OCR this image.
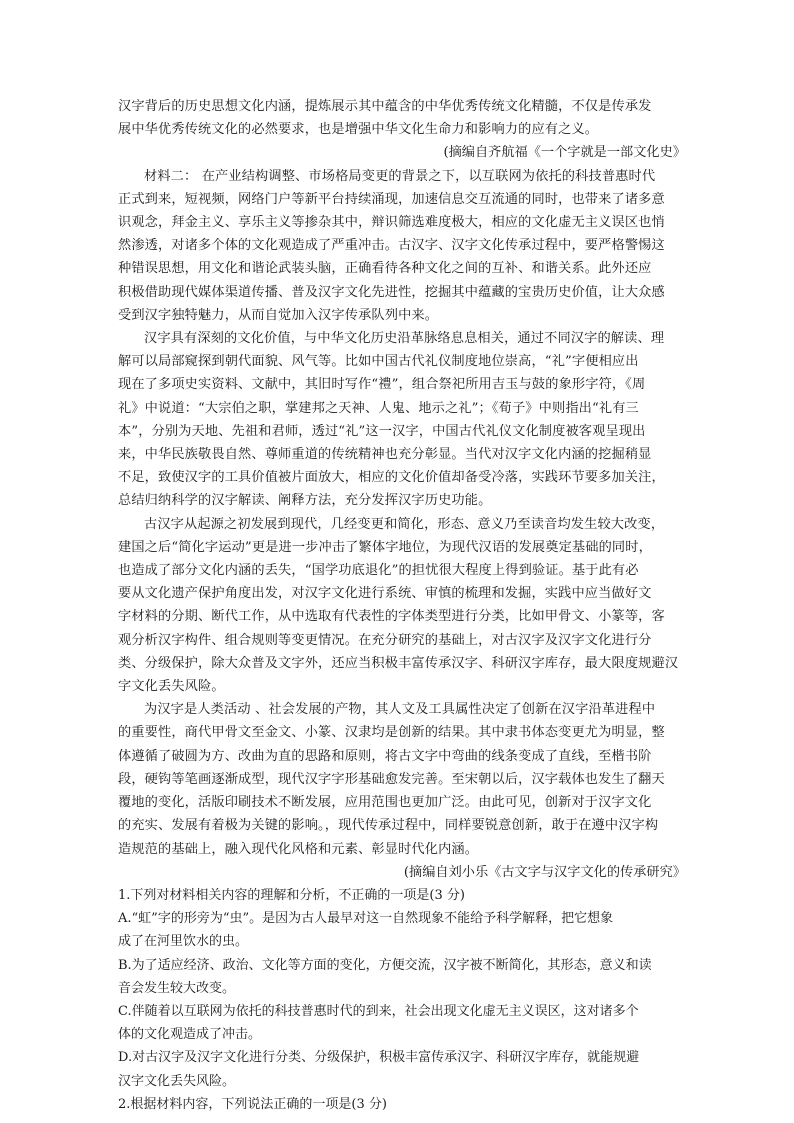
汉字背后的历史思想文化内涵，提炼展示其中蕴含的中华优秀传统文化精髓，不仅是传承发
展中华优秀传统文化的必然要求，也是增强中华文化生命力和影响力的应有之义。

(摘编自齐航福《一个字就是一部文化史》

材料二： 在产业结构调整、市场格局变更的背景之下，以互联网为依托的科技普惠时代
正式到来，短视频，网络门户等新平台持续涌现，加速信息交互流通的同时，也带来了诸多意
识观念，拜金主义、享乐主义等掺杂其中，辩识筛选难度极大，相应的文化虚无主义误区也悄
然渗透，对诸多个体的文化观造成了严重冲击。古汉字、汉字文化传承过程中，要严格警惕这
种错误思想，用文化和谐论武装头脑，正确看待各种文化之间的互补、和谐关系。此外还应
积极借助现代媒体渠道传播、普及汉字文化先进性，挖掘其中蕴藏的宝贵历史价值，让大众感
受到汉字独特魅力，从而自觉加入汉字传承队列中来。

汉字具有深刻的文化价值，与中华文化历史沿革脉络息息相关，通过不同汉字的解读、理
解可以局部窥探到朝代面貌、风气等。比如中国古代礼仪制度地位崇高，“礼”字便相应出
现在了多项史实资料、文献中，其旧时写作“禮”，组合祭祀所用吉玉与鼓的象形字符，《周
礼》中说道：“大宗伯之职，掌建邦之天神、人鬼、地示之礼”；《荀子》中则指出“礼有三
本”，分别为天地、先祖和君师，透过“礼”这一汉字，中国古代礼仪文化制度被客观呈现出
来，中华民族敬畏自然、尊师重道的传统精神也充分彰显。当代对汉字文化内涵的挖掘稍显
不足，致使汉字的工具价值被片面放大，相应的文化价值却备受冷落，实践环节要多加关注，
总结归纳科学的汉字解读、阐释方法，充分发挥汉字历史功能。

古汉字从起源之初发展到现代，几经变更和简化，形态、意义乃至读音均发生较大改变，
建国之后“简化字运动”更是进一步冲击了繁体字地位，为现代汉语的发展奠定基础的同时，
也造成了部分文化内涵的丢失，“国学功底退化”的担忧很大程度上得到验证。基于此有必
要从文化遗产保护角度出发，对汉字文化进行系统、审慎的梳理和发掘，实践中应当做好文
字材料的分期、断代工作，从中选取有代表性的字体类型进行分类，比如甲骨文、小篆等，客
观分析汉字构件、组合规则等变更情况。在充分研究的基础上，对古汉字及汉字文化进行分
类、分级保护，除大众普及文字外，还应当积极丰富传承汉字、科研汉字库存，最大限度规避汉
字文化丢失风险。

为汉字是人类活动 、社会发展的产物，其人文及工具属性决定了创新在汉字沿革进程中
的重要性，商代甲骨文至金文、小篆、汉隶均是创新的结果。其中隶书体态变更尤为明显，整
体遵循了破圆为方、改曲为直的思路和原则，将古文字中弯曲的线条变成了直线，至楷书阶
段，硬钩等笔画逐渐成型，现代汉字字形基础愈发完善。至宋朝以后，汉字载体也发生了翻天
覆地的变化，活版印刷技术不断发展，应用范围也更加广泛。由此可见，创新对于汉字文化
的充实、发展有着极为关键的影响。，现代传承过程中，同样要锐意创新，敢于在遵中汉字构
造规范的基础上，融入现代化风格和元素、彰显时代化内涵。

(摘编自刘小乐《古文字与汉字文化的传承研究》

1.下列对材料相关内容的理解和分析，不正确的一项是(3 分)

A.“虹”字的形旁为“虫”。是因为古人最早对这一自然现象不能给予科学解释，把它想象
成了在河里饮水的虫。

B.为了适应经济、政治、文化等方面的变化，方便交流，汉字被不断简化，其形态，意义和读
音会发生较大改变。

C.伴随着以互联网为依托的科技普惠时代的到来，社会出现文化虚无主义误区，这对诸多个
体的文化观造成了冲击。

D.对古汉字及汉字文化进行分类、分级保护，积极丰富传承汉字、科研汉字库存，就能规避
汉字文化丢失风险。

2.根据材料内容，下列说法正确的一项是(3 分)
